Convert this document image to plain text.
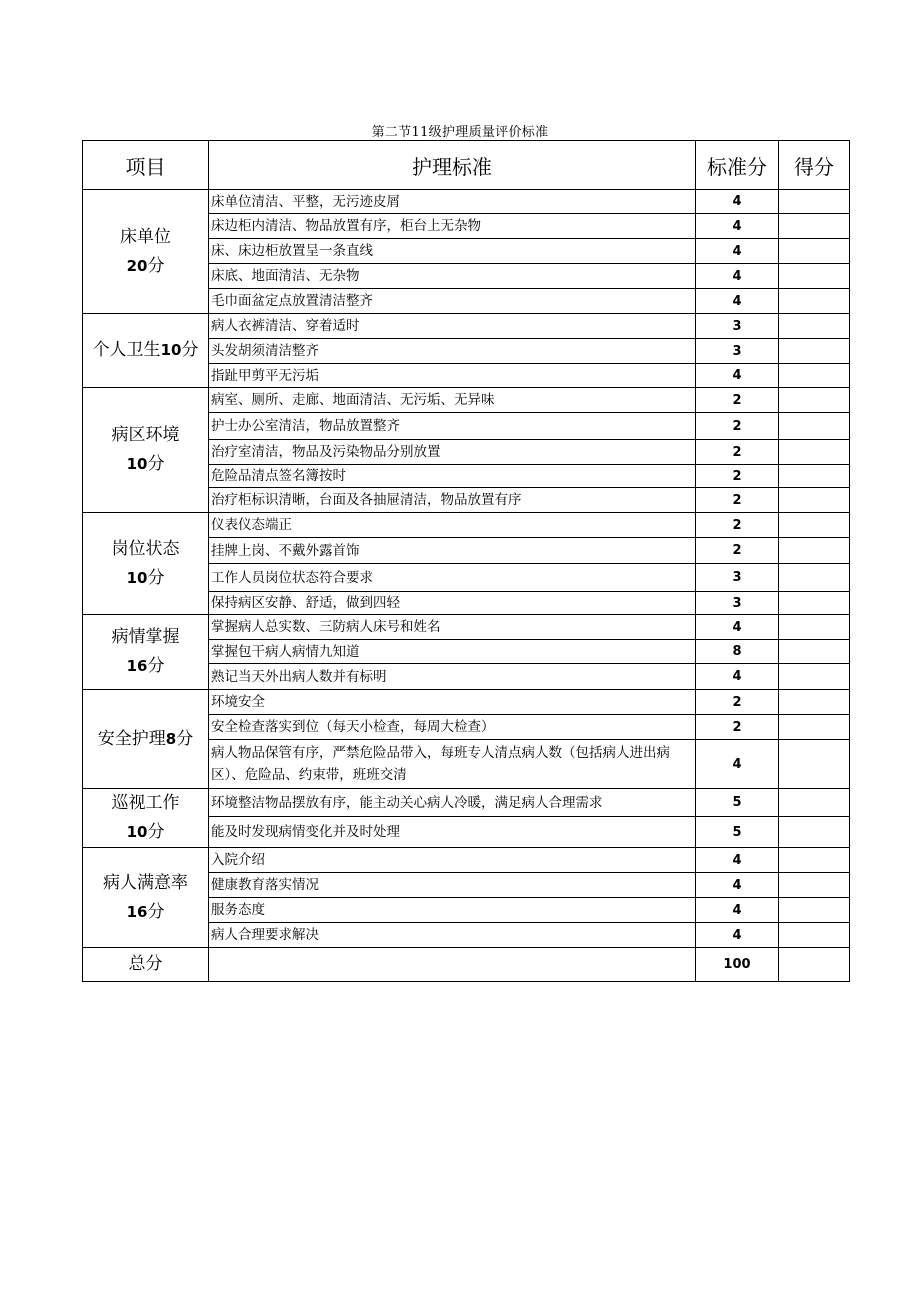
第二节11级护理质量评价标准
项目	护理标准	标准分	得分
床单位
20分	床单位清洁、平整，无污迹皮屑	4	
	床边柜内清洁、物品放置有序，柜台上无杂物	4	
	床、床边柜放置呈一条直线	4	
	床底、地面清洁、无杂物	4	
	毛巾面盆定点放置清洁整齐	4	
个人卫生10分	病人衣裤清洁、穿着适时	3	
	头发胡须清洁整齐	3	
	指趾甲剪平无污垢	4	
病区环境
10分	病室、厕所、走廊、地面清洁、无污垢、无异味	2	
	护士办公室清洁，物品放置整齐	2	
	治疗室清洁，物品及污染物品分别放置	2	
	危险品清点签名簿按时	2	
	治疗柜标识清晰，台面及各抽屉清洁，物品放置有序	2	
岗位状态
10分	仪表仪态端正	2	
	挂牌上岗、不戴外露首饰	2	
	工作人员岗位状态符合要求	3	
	保持病区安静、舒适，做到四轻	3	
病情掌握
16分	掌握病人总实数、三防病人床号和姓名	4	
	掌握包干病人病情九知道	8	
	熟记当天外出病人数并有标明	4	
安全护理8分	环境安全	2	
	安全检查落实到位（每天小检查，每周大检查）	2	
	病人物品保管有序，严禁危险品带入，每班专人清点病人数（包括病人进出病区）、危险品、约束带，班班交清	4	
巡视工作
10分	环境整洁物品摆放有序，能主动关心病人冷暖，满足病人合理需求	5	
	能及时发现病情变化并及时处理	5	
病人满意率
16分	入院介绍	4	
	健康教育落实情况	4	
	服务态度	4	
	病人合理要求解决	4	
总分		100	
